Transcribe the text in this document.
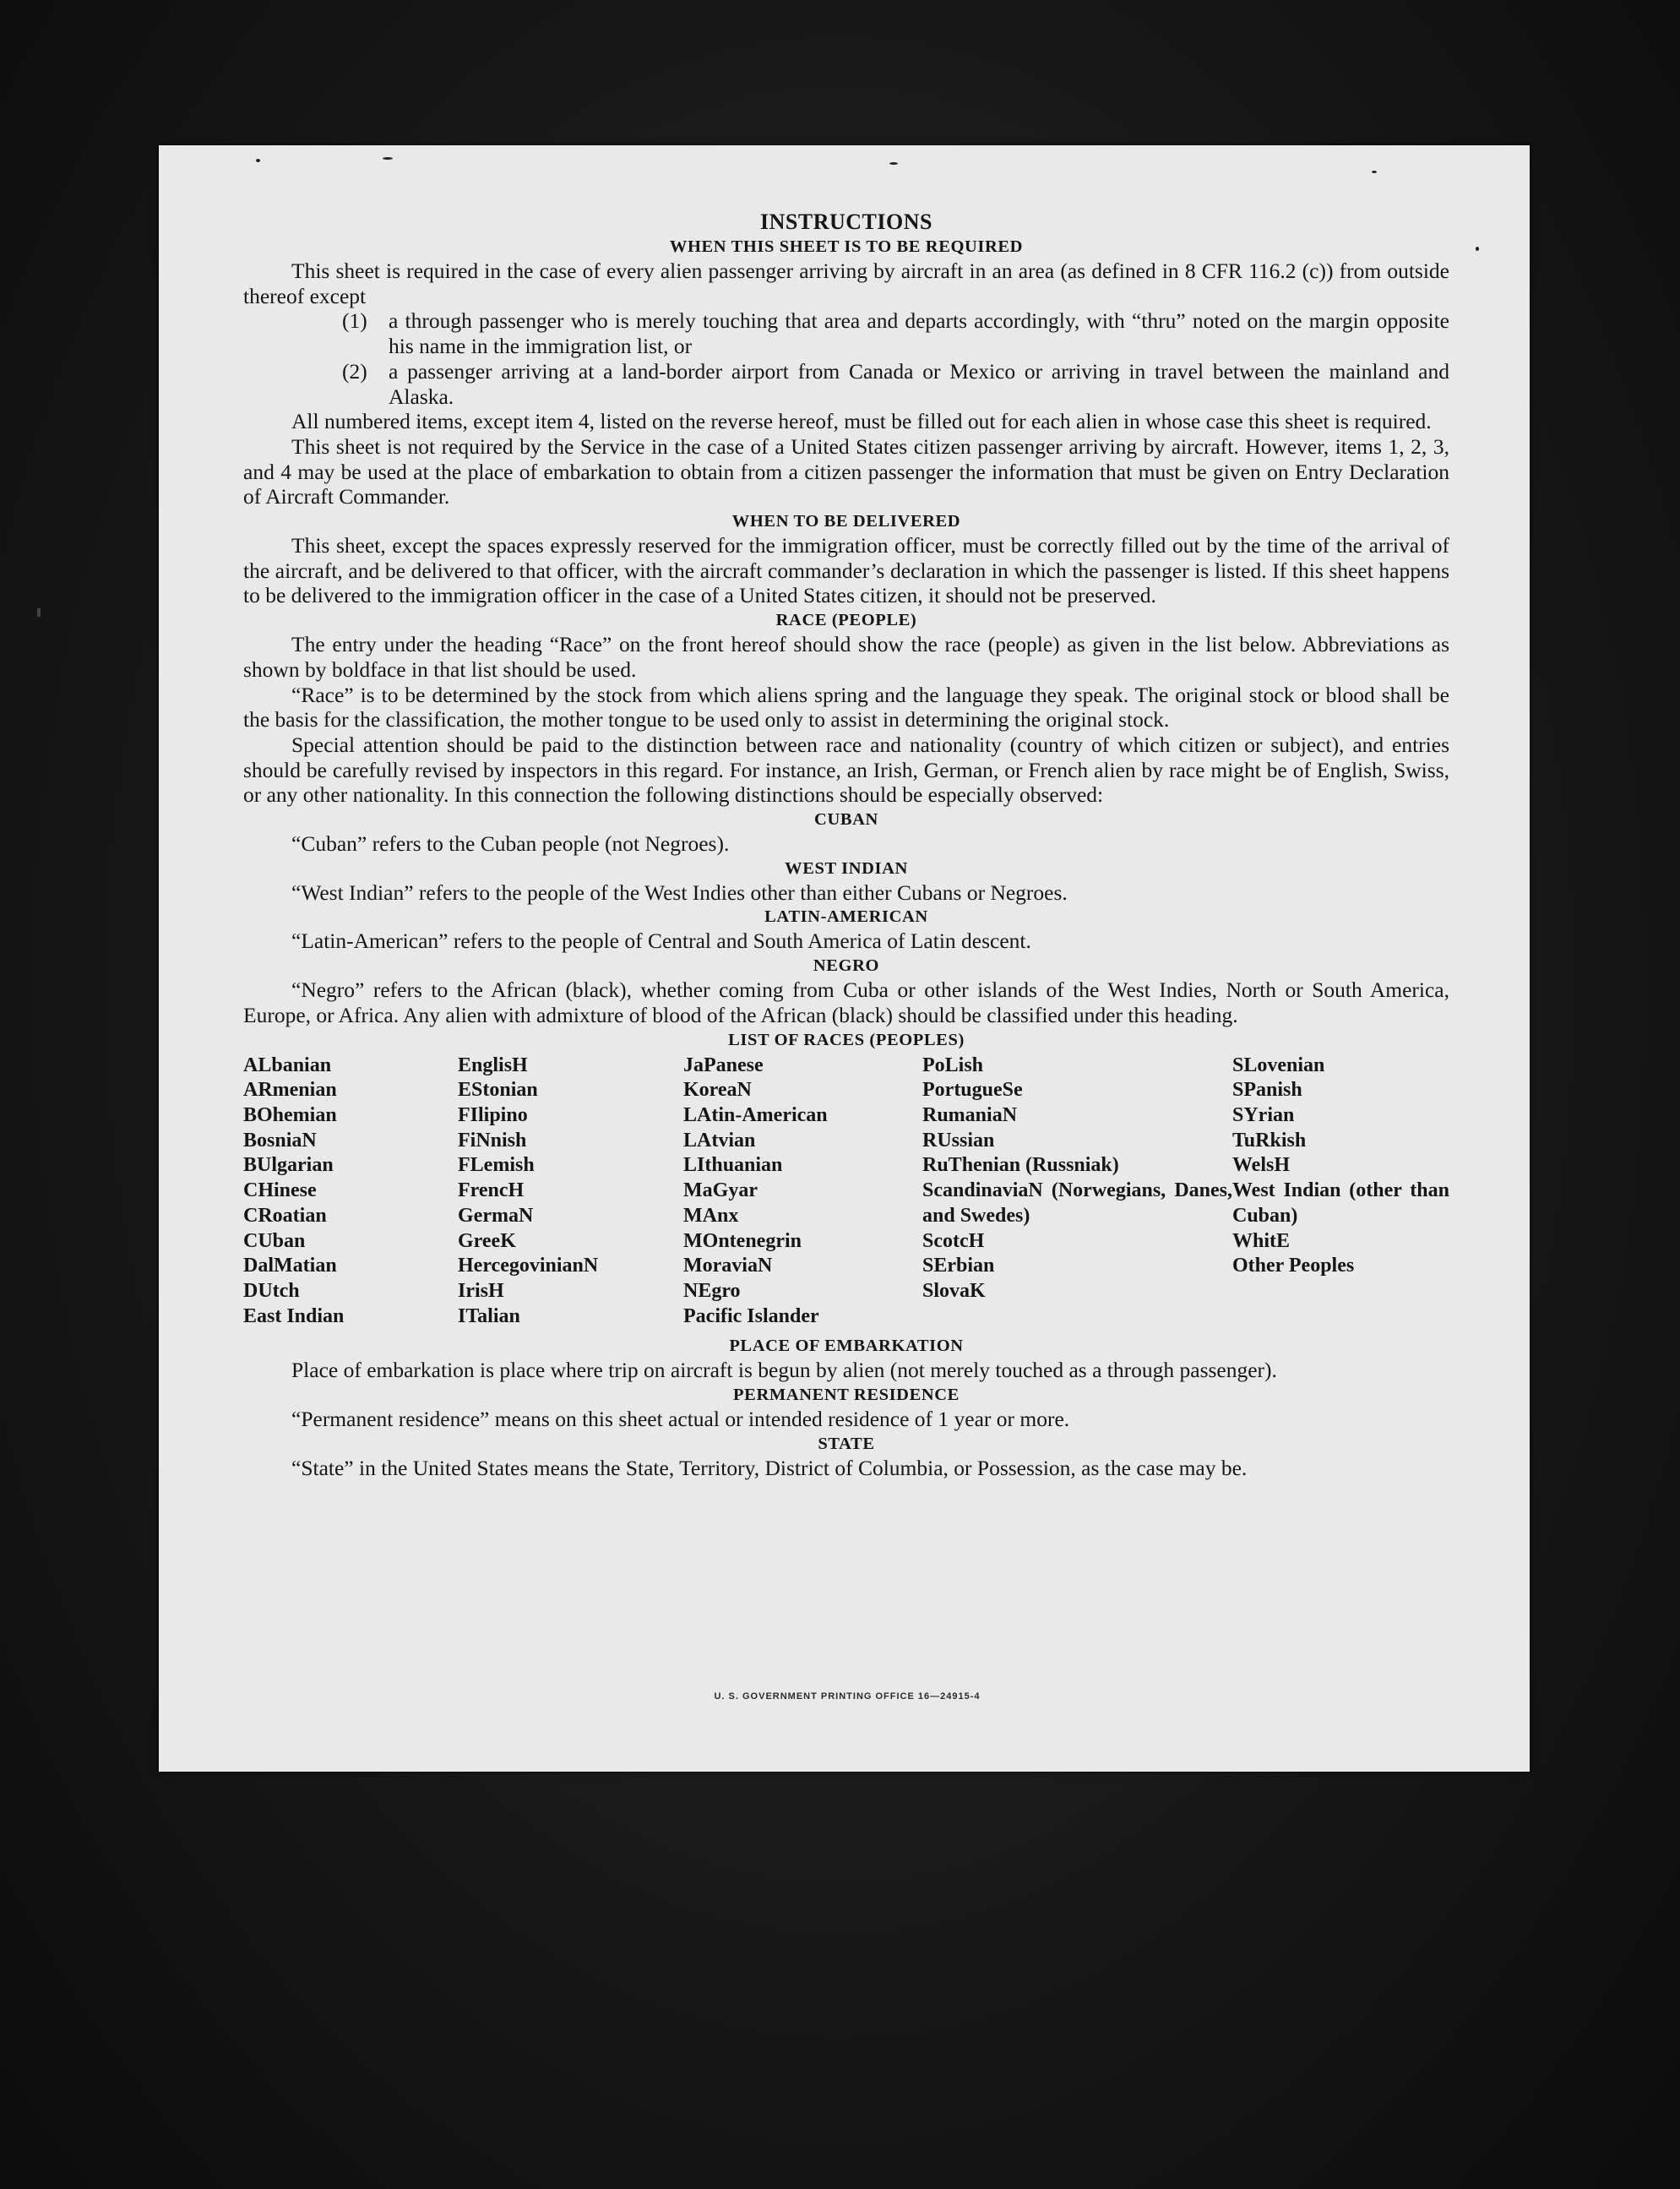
INSTRUCTIONS
WHEN THIS SHEET IS TO BE REQUIRED

This sheet is required in the case of every alien passenger arriving by aircraft in an area (as defined in 8 CFR 116.2 (c)) from outside thereof except

(1) a through passenger who is merely touching that area and departs accordingly, with “thru” noted on the margin opposite his name in the immigration list, or
(2) a passenger arriving at a land-border airport from Canada or Mexico or arriving in travel between the mainland and Alaska.

All numbered items, except item 4, listed on the reverse hereof, must be filled out for each alien in whose case this sheet is required.

This sheet is not required by the Service in the case of a United States citizen passenger arriving by aircraft. However, items 1, 2, 3, and 4 may be used at the place of embarkation to obtain from a citizen passenger the information that must be given on Entry Declaration of Aircraft Commander.

WHEN TO BE DELIVERED

This sheet, except the spaces expressly reserved for the immigration officer, must be correctly filled out by the time of the arrival of the aircraft, and be delivered to that officer, with the aircraft commander’s declaration in which the passenger is listed. If this sheet happens to be delivered to the immigration officer in the case of a United States citizen, it should not be preserved.

RACE (PEOPLE)

The entry under the heading “Race” on the front hereof should show the race (people) as given in the list below. Abbreviations as shown by boldface in that list should be used.

“Race” is to be determined by the stock from which aliens spring and the language they speak. The original stock or blood shall be the basis for the classification, the mother tongue to be used only to assist in determining the original stock.

Special attention should be paid to the distinction between race and nationality (country of which citizen or subject), and entries should be carefully revised by inspectors in this regard. For instance, an Irish, German, or French alien by race might be of English, Swiss, or any other nationality. In this connection the following distinctions should be especially observed:

CUBAN

“Cuban” refers to the Cuban people (not Negroes).

WEST INDIAN

“West Indian” refers to the people of the West Indies other than either Cubans or Negroes.

LATIN-AMERICAN

“Latin-American” refers to the people of Central and South America of Latin descent.

NEGRO

“Negro” refers to the African (black), whether coming from Cuba or other islands of the West Indies, North or South America, Europe, or Africa. Any alien with admixture of blood of the African (black) should be classified under this heading.

LIST OF RACES (PEOPLES)
ALbanian
ARmenian
BOhemian
BosniaN
BUlgarian
CHinese
CRoatian
CUban
DalMatian
DUtch
East Indian
EnglisH
EStonian
FIlipino
FiNnish
FLemish
FrencH
GermaN
GreeK
HercegovinianN
IrisH
ITalian
JaPanese
KoreaN
LAtin-American
LAtvian
LIthuanian
MaGyar
MAnx
MOntenegrin
MoraviaN
NEgro
Pacific Islander
PoLish
PortugueSe
RumaniaN
RUssian
RuThenian (Russniak)
ScandinaviaN (Norwegians, Danes, and Swedes)
ScotcH
SErbian
SlovaK
SLovenian
SPanish
SYrian
TuRkish
WelsH
West Indian (other than Cuban)
WhitE
Other Peoples
PLACE OF EMBARKATION

Place of embarkation is place where trip on aircraft is begun by alien (not merely touched as a through passenger).

PERMANENT RESIDENCE

“Permanent residence” means on this sheet actual or intended residence of 1 year or more.

STATE

“State” in the United States means the State, Territory, District of Columbia, or Possession, as the case may be.

U. S. GOVERNMENT PRINTING OFFICE 16—24915-4
